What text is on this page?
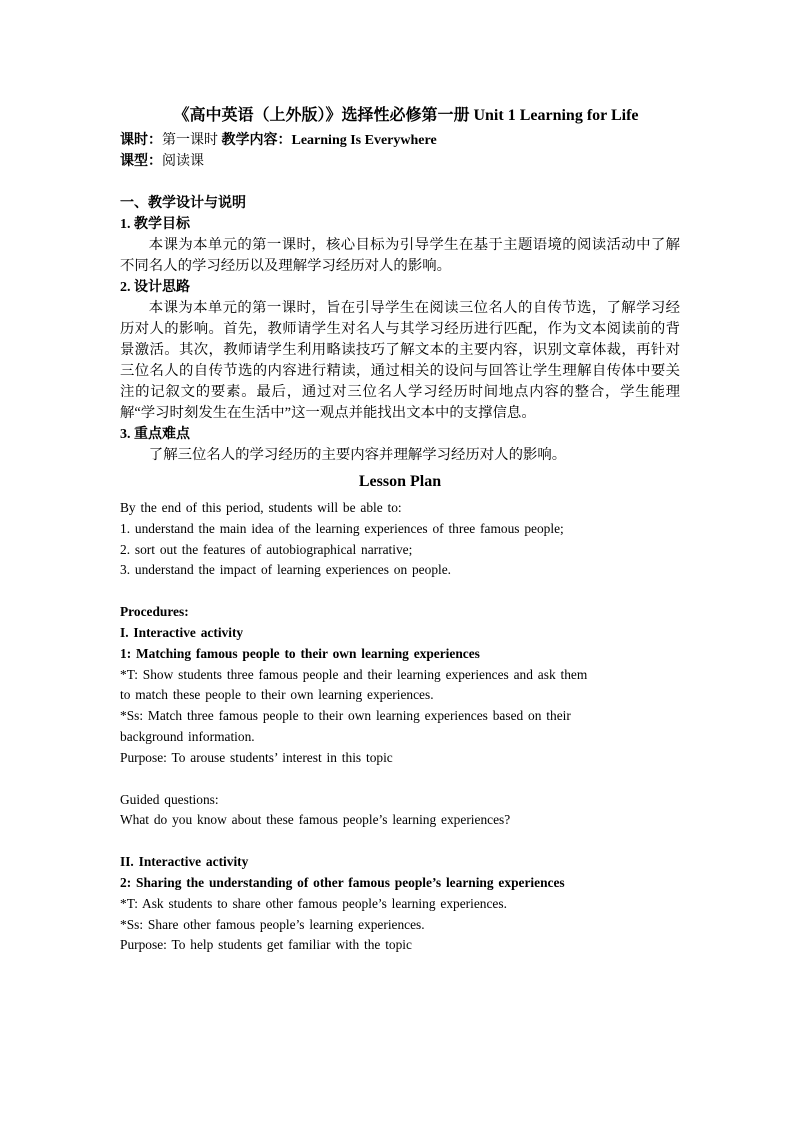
《高中英语（上外版）》选择性必修第一册 Unit 1 Learning for Life
课时：第一课时 教学内容：Learning Is Everywhere
课型：阅读课
一、教学设计与说明
1. 教学目标

本课为本单元的第一课时，核心目标为引导学生在基于主题语境的阅读活动中了解不同名人的学习经历以及理解学习经历对人的影响。

2. 设计思路

本课为本单元的第一课时，旨在引导学生在阅读三位名人的自传节选，了解学习经历对人的影响。首先，教师请学生对名人与其学习经历进行匹配，作为文本阅读前的背景激活。其次，教师请学生利用略读技巧了解文本的主要内容，识别文章体裁，再针对三位名人的自传节选的内容进行精读，通过相关的设问与回答让学生理解自传体中要关注的记叙文的要素。最后，通过对三位名人学习经历时间地点内容的整合，学生能理解“学习时刻发生在生活中”这一观点并能找出文本中的支撑信息。

3. 重点难点

了解三位名人的学习经历的主要内容并理解学习经历对人的影响。

Lesson Plan
By the end of this period, students will be able to:
1. understand the main idea of the learning experiences of three famous people;
2. sort out the features of autobiographical narrative;
3. understand the impact of learning experiences on people.
Procedures:
I. Interactive activity
1: Matching famous people to their own learning experiences
*T: Show students three famous people and their learning experiences and ask them
to match these people to their own learning experiences.
*Ss: Match three famous people to their own learning experiences based on their
background information.
Purpose: To arouse students’ interest in this topic
Guided questions:
What do you know about these famous people’s learning experiences?
II. Interactive activity
2: Sharing the understanding of other famous people’s learning experiences
*T: Ask students to share other famous people’s learning experiences.
*Ss: Share other famous people’s learning experiences.
Purpose: To help students get familiar with the topic
